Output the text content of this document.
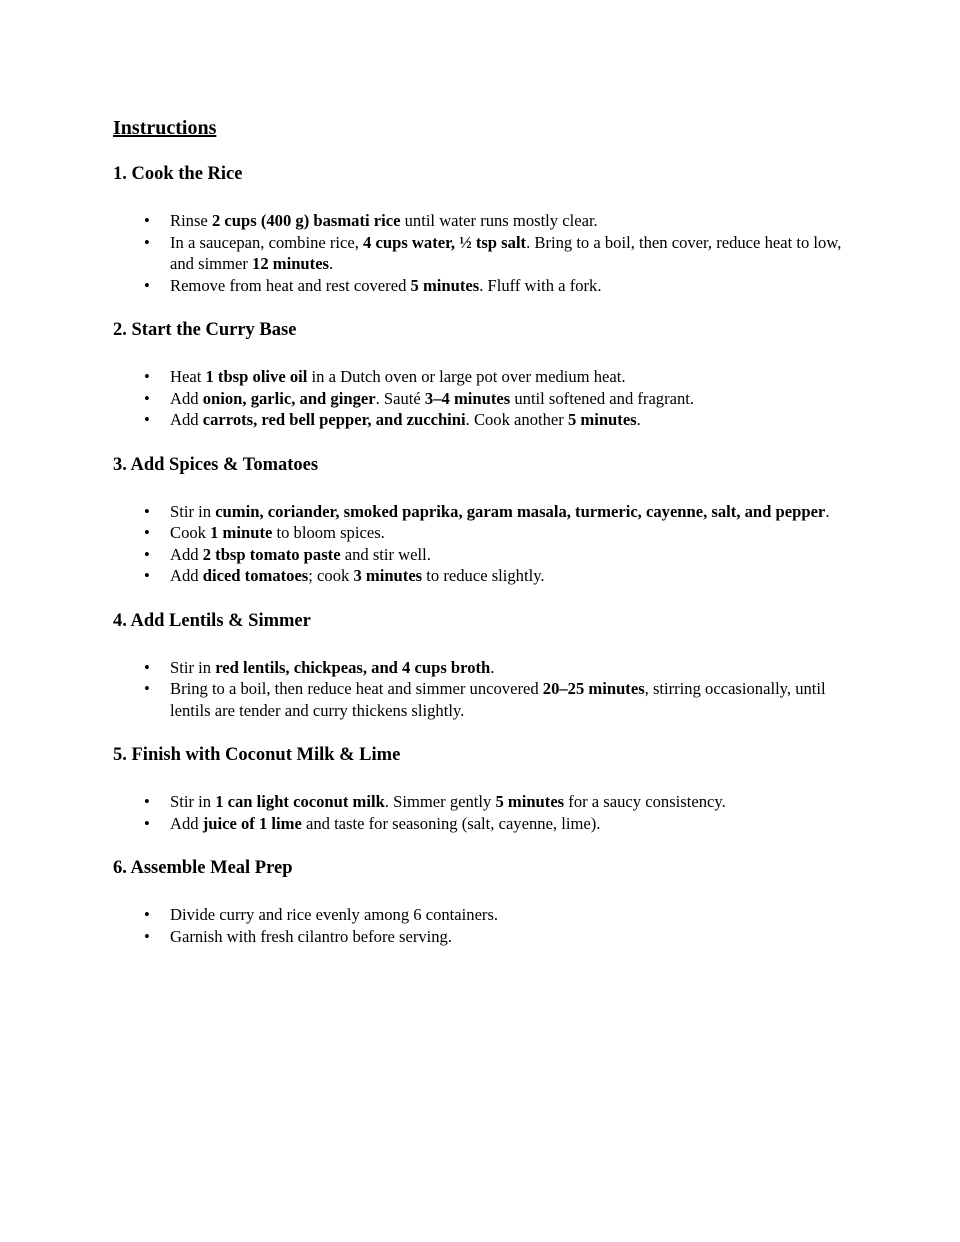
Instructions
1. Cook the Rice
• Rinse 2 cups (400 g) basmati rice until water runs mostly clear.
• In a saucepan, combine rice, 4 cups water, ½ tsp salt. Bring to a boil, then cover, reduce heat to low, and simmer 12 minutes.
• Remove from heat and rest covered 5 minutes. Fluff with a fork.
2. Start the Curry Base
• Heat 1 tbsp olive oil in a Dutch oven or large pot over medium heat.
• Add onion, garlic, and ginger. Sauté 3–4 minutes until softened and fragrant.
• Add carrots, red bell pepper, and zucchini. Cook another 5 minutes.
3. Add Spices & Tomatoes
• Stir in cumin, coriander, smoked paprika, garam masala, turmeric, cayenne, salt, and pepper.
• Cook 1 minute to bloom spices.
• Add 2 tbsp tomato paste and stir well.
• Add diced tomatoes; cook 3 minutes to reduce slightly.
4. Add Lentils & Simmer
• Stir in red lentils, chickpeas, and 4 cups broth.
• Bring to a boil, then reduce heat and simmer uncovered 20–25 minutes, stirring occasionally, until lentils are tender and curry thickens slightly.
5. Finish with Coconut Milk & Lime
• Stir in 1 can light coconut milk. Simmer gently 5 minutes for a saucy consistency.
• Add juice of 1 lime and taste for seasoning (salt, cayenne, lime).
6. Assemble Meal Prep
• Divide curry and rice evenly among 6 containers.
• Garnish with fresh cilantro before serving.
